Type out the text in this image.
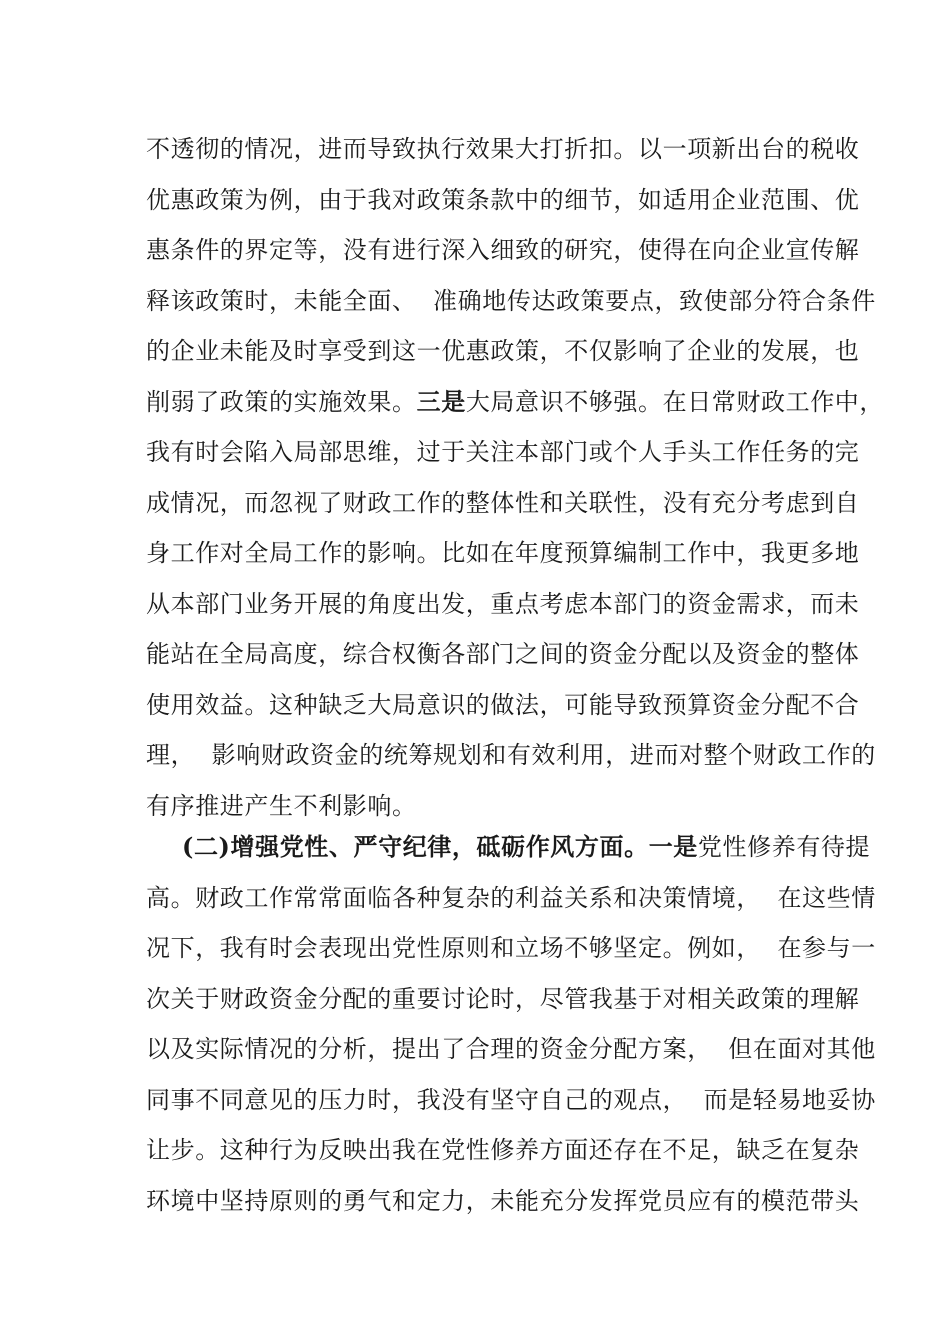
不透彻的情况，进而导致执行效果大打折扣。以一项新出台的税收
优惠政策为例，由于我对政策条款中的细节，如适用企业范围、优
惠条件的界定等，没有进行深入细致的研究，使得在向企业宣传解
释该政策时，未能全面、  准确地传达政策要点，致使部分符合条件
的企业未能及时享受到这一优惠政策，不仅影响了企业的发展，也
削弱了政策的实施效果。三是大局意识不够强。在日常财政工作中，
我有时会陷入局部思维，过于关注本部门或个人手头工作任务的完
成情况，而忽视了财政工作的整体性和关联性，没有充分考虑到自
身工作对全局工作的影响。比如在年度预算编制工作中，我更多地
从本部门业务开展的角度出发，重点考虑本部门的资金需求，而未
能站在全局高度，综合权衡各部门之间的资金分配以及资金的整体
使用效益。这种缺乏大局意识的做法，可能导致预算资金分配不合
理，  影响财政资金的统筹规划和有效利用，进而对整个财政工作的
有序推进产生不利影响。

(二)增强党性、严守纪律，砥砺作风方面。一是党性修养有待提
高。财政工作常常面临各种复杂的利益关系和决策情境，  在这些情
况下，我有时会表现出党性原则和立场不够坚定。例如，  在参与一
次关于财政资金分配的重要讨论时，尽管我基于对相关政策的理解
以及实际情况的分析，提出了合理的资金分配方案，  但在面对其他
同事不同意见的压力时，我没有坚守自己的观点，  而是轻易地妥协
让步。这种行为反映出我在党性修养方面还存在不足，缺乏在复杂
环境中坚持原则的勇气和定力，未能充分发挥党员应有的模范带头
